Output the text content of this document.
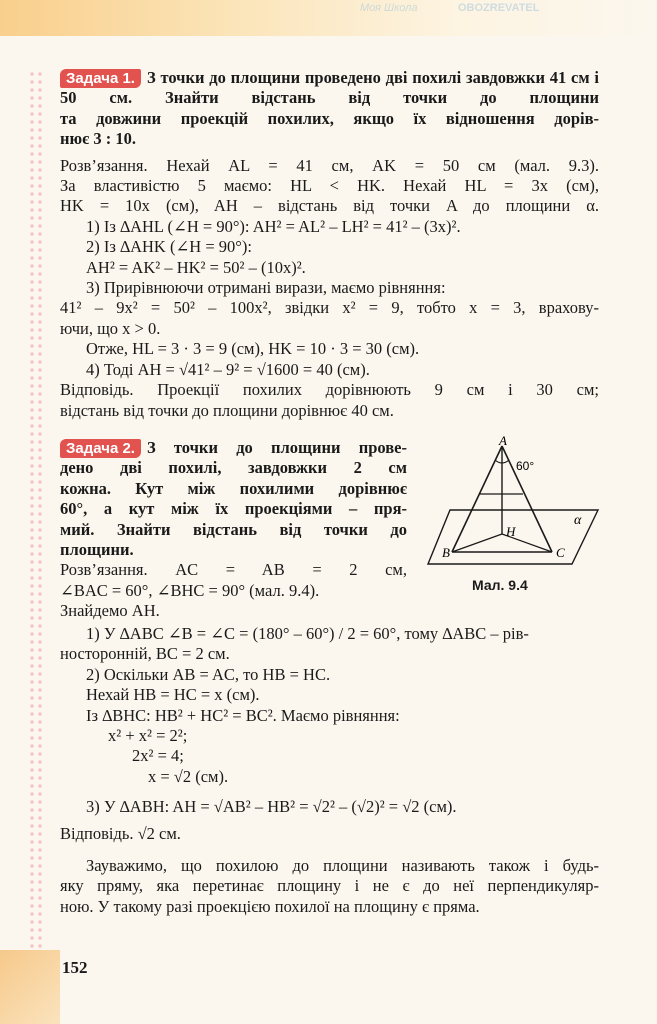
Задача 1. З точки до площини проведено дві похилі завдовжки 41 см і 50 см. Знайти відстань від точки до площини
та довжини проекцій похилих, якщо їх відношення дорів-
нює 3 : 10.
Розв’язання. Нехай AL = 41 см, AK = 50 см (мал. 9.3).
За властивістю 5 маємо: HL < HK. Нехай HL = 3x (см),
HK = 10x (см), AH – відстань від точки A до площини α.
1) Із ∆AHL (∠H = 90°): AH² = AL² – LH² = 41² – (3x)².
2) Із ∆AHK (∠H = 90°):
AH² = AK² – HK² = 50² – (10x)².
3) Прирівнюючи отримані вирази, маємо рівняння:
41² – 9x² = 50² – 100x², звідки x² = 9, тобто x = 3, врахову-
ючи, що x > 0.
Отже, HL = 3 · 3 = 9 (см), HK = 10 · 3 = 30 (см).
4) Тоді AH = √41² – 9² = √1600 = 40 (см).
Відповідь. Проекції похилих дорівнюють 9 см і 30 см;
відстань від точки до площини дорівнює 40 см.
Задача 2. З точки до площини прове-
дено дві похилі, завдовжки 2 см
кожна. Кут між похилими дорівнює
60°, а кут між їх проекціями – пря-
мий. Знайти відстань від точки до
площини.
Розв’язання. AC = AB = 2 см,
∠BAC = 60°, ∠BHC = 90° (мал. 9.4).
Знайдемо AH.
A
B	C
H
α
60°
Мал. 9.4
1) У ∆ABC ∠B = ∠C = (180° – 60°) / 2 = 60°, тому ∆ABC – рів-
носторонній, BC = 2 см.
2) Оскільки AB = AC, то HB = HC.
Нехай HB = HC = x (см).
Із ∆BHC: HB² + HC² = BC². Маємо рівняння:
x² + x² = 2²;
2x² = 4;
x = √2 (см).
3) У ∆ABH: AH = √AB² – HB² = √2² – (√2)² = √2 (см).
Відповідь. √2 см.
Зауважимо, що похилою до площини називають також і будь-
яку пряму, яка перетинає площину і не є до неї перпендикуляр-
ною. У такому разі проекцією похилої на площину є пряма.
152
Моя Школа	OBOZREVATEL
